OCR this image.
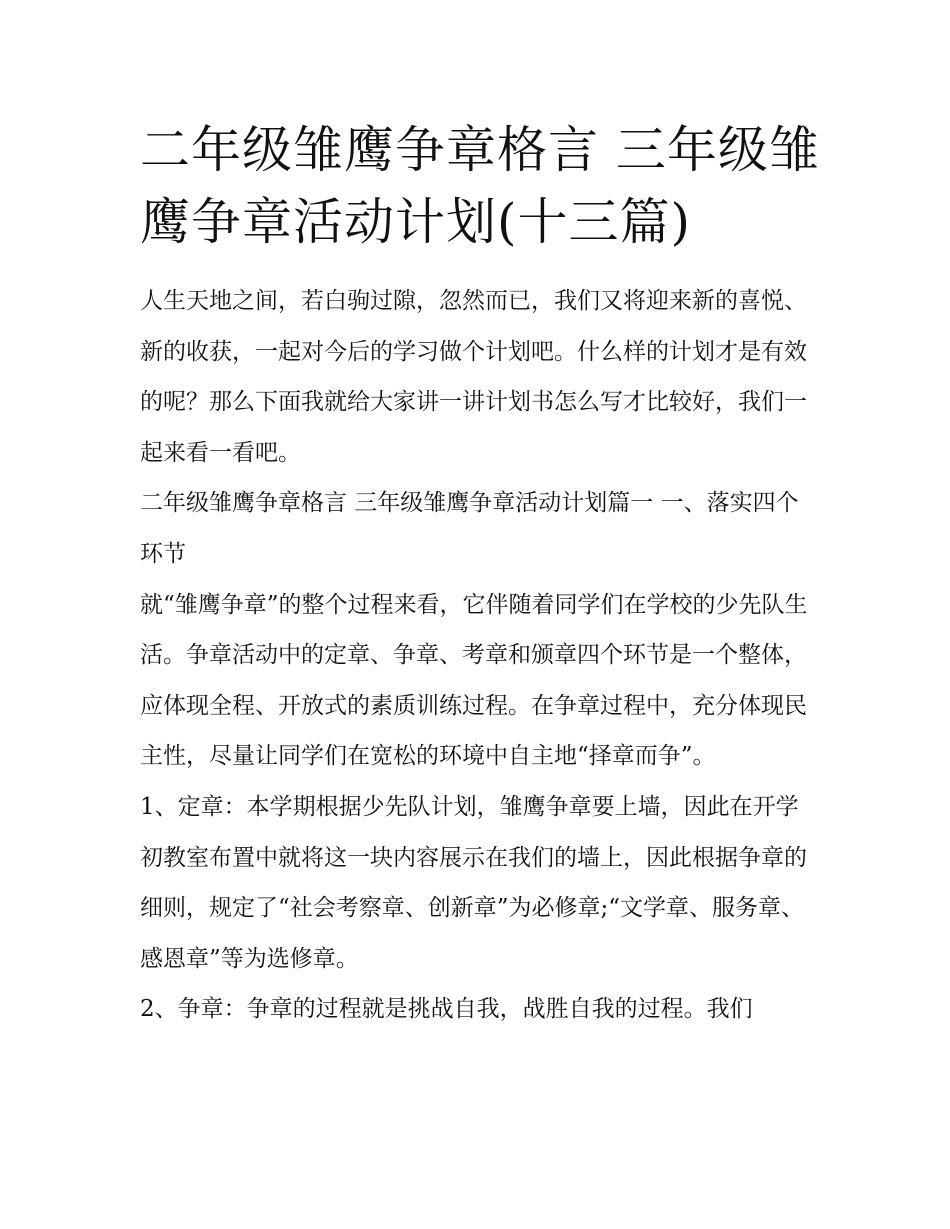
二年级雏鹰争章格言 三年级雏鹰争章活动计划(十三篇)

人生天地之间，若白驹过隙，忽然而已，我们又将迎来新的喜悦、新的收获，一起对今后的学习做个计划吧。什么样的计划才是有效的呢？那么下面我就给大家讲一讲计划书怎么写才比较好，我们一起来看一看吧。

二年级雏鹰争章格言 三年级雏鹰争章活动计划篇一 一、落实四个环节

就“雏鹰争章”的整个过程来看，它伴随着同学们在学校的少先队生活。争章活动中的定章、争章、考章和颁章四个环节是一个整体，应体现全程、开放式的素质训练过程。在争章过程中，充分体现民主性，尽量让同学们在宽松的环境中自主地“择章而争”。

1、定章：本学期根据少先队计划，雏鹰争章要上墙，因此在开学初教室布置中就将这一块内容展示在我们的墙上，因此根据争章的细则，规定了“社会考察章、创新章”为必修章;“文学章、服务章、感恩章”等为选修章。

2、争章：争章的过程就是挑战自我，战胜自我的过程。我们
